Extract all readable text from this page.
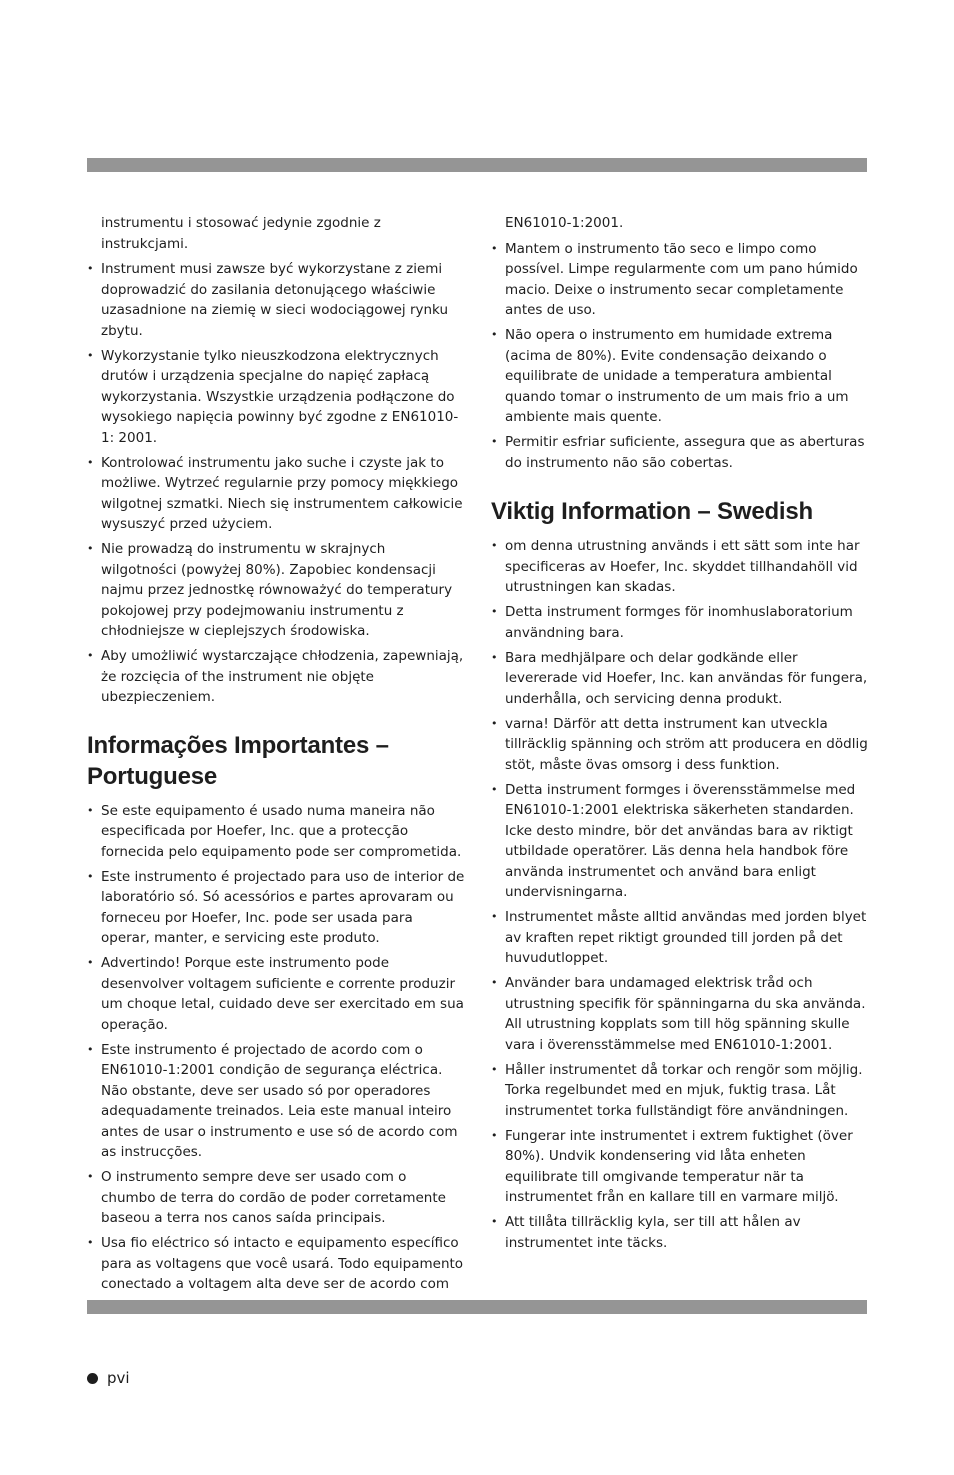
instrumentu i stosować jedynie zgodnie z instrukcjami.
• Instrument musi zawsze być wykorzystane z ziemi doprowadzić do zasilania detonującego właściwie uzasadnione na ziemię w sieci wodociągowej rynku zbytu.
• Wykorzystanie tylko nieuszkodzona elektrycznych drutów i urządzenia specjalne do napięć zapłacą wykorzystania. Wszystkie urządzenia podłączone do wysokiego napięcia powinny być zgodne z EN61010-1: 2001.
• Kontrolować instrumentu jako suche i czyste jak to możliwe. Wytrzeć regularnie przy pomocy miękkiego wilgotnej szmatki. Niech się instrumentem całkowicie wysuszyć przed użyciem.
• Nie prowadzą do instrumentu w skrajnych wilgotności (powyżej 80%). Zapobiec kondensacji najmu przez jednostkę równoważyć do temperatury pokojowej przy podejmowaniu instrumentu z chłodniejsze w cieplejszych środowiska.
• Aby umożliwić wystarczające chłodzenia, zapewniają, że rozcięcia of the instrument nie objęte ubezpieczeniem.
Informações Importantes – Portuguese
• Se este equipamento é usado numa maneira não especificada por Hoefer, Inc. que a protecção fornecida pelo equipamento pode ser comprometida.
• Este instrumento é projectado para uso de interior de laboratório só. Só acessórios e partes aprovaram ou forneceu por Hoefer, Inc. pode ser usada para operar, manter, e servicing este produto.
• Advertindo! Porque este instrumento pode desenvolver voltagem suficiente e corrente produzir um choque letal, cuidado deve ser exercitado em sua operação.
• Este instrumento é projectado de acordo com o EN61010-1:2001 condição de segurança eléctrica. Não obstante, deve ser usado só por operadores adequadamente treinados. Leia este manual inteiro antes de usar o instrumento e use só de acordo com as instrucções.
• O instrumento sempre deve ser usado com o chumbo de terra do cordão de poder corretamente baseou a terra nos canos saída principais.
• Usa fio eléctrico só intacto e equipamento específico para as voltagens que você usará. Todo equipamento conectado a voltagem alta deve ser de acordo com
EN61010-1:2001.
• Mantem o instrumento tão seco e limpo como possível. Limpe regularmente com um pano húmido macio. Deixe o instrumento secar completamente antes de uso.
• Não opera o instrumento em humidade extrema (acima de 80%). Evite condensação deixando o equilibrate de unidade a temperatura ambiental quando tomar o instrumento de um mais frio a um ambiente mais quente.
• Permitir esfriar suficiente, assegura que as aberturas do instrumento não são cobertas.
Viktig Information – Swedish
• om denna utrustning används i ett sätt som inte har specificeras av Hoefer, Inc. skyddet tillhandahöll vid utrustningen kan skadas.
• Detta instrument formges för inomhuslaboratorium användning bara.
• Bara medhjälpare och delar godkände eller levererade vid Hoefer, Inc. kan användas för fungera, underhålla, och servicing denna produkt.
• varna! Därför att detta instrument kan utveckla tillräcklig spänning och ström att producera en dödlig stöt, måste övas omsorg i dess funktion.
• Detta instrument formges i överensstämmelse med EN61010-1:2001 elektriska säkerheten standarden. Icke desto mindre, bör det användas bara av riktigt utbildade operatörer. Läs denna hela handbok före använda instrumentet och använd bara enligt undervisningarna.
• Instrumentet måste alltid användas med jorden blyet av kraften repet riktigt grounded till jorden på det huvudutloppet.
• Använder bara undamaged elektrisk tråd och utrustning specifik för spänningarna du ska använda. All utrustning kopplats som till hög spänning skulle vara i överensstämmelse med EN61010-1:2001.
• Håller instrumentet då torkar och rengör som möjlig. Torka regelbundet med en mjuk, fuktig trasa. Låt instrumentet torka fullständigt före användningen.
• Fungerar inte instrumentet i extrem fuktighet (över 80%). Undvik kondensering vid låta enheten equilibrate till omgivande temperatur när ta instrumentet från en kallare till en varmare miljö.
• Att tillåta tillräcklig kyla, ser till att hålen av instrumentet inte täcks.
pvi
